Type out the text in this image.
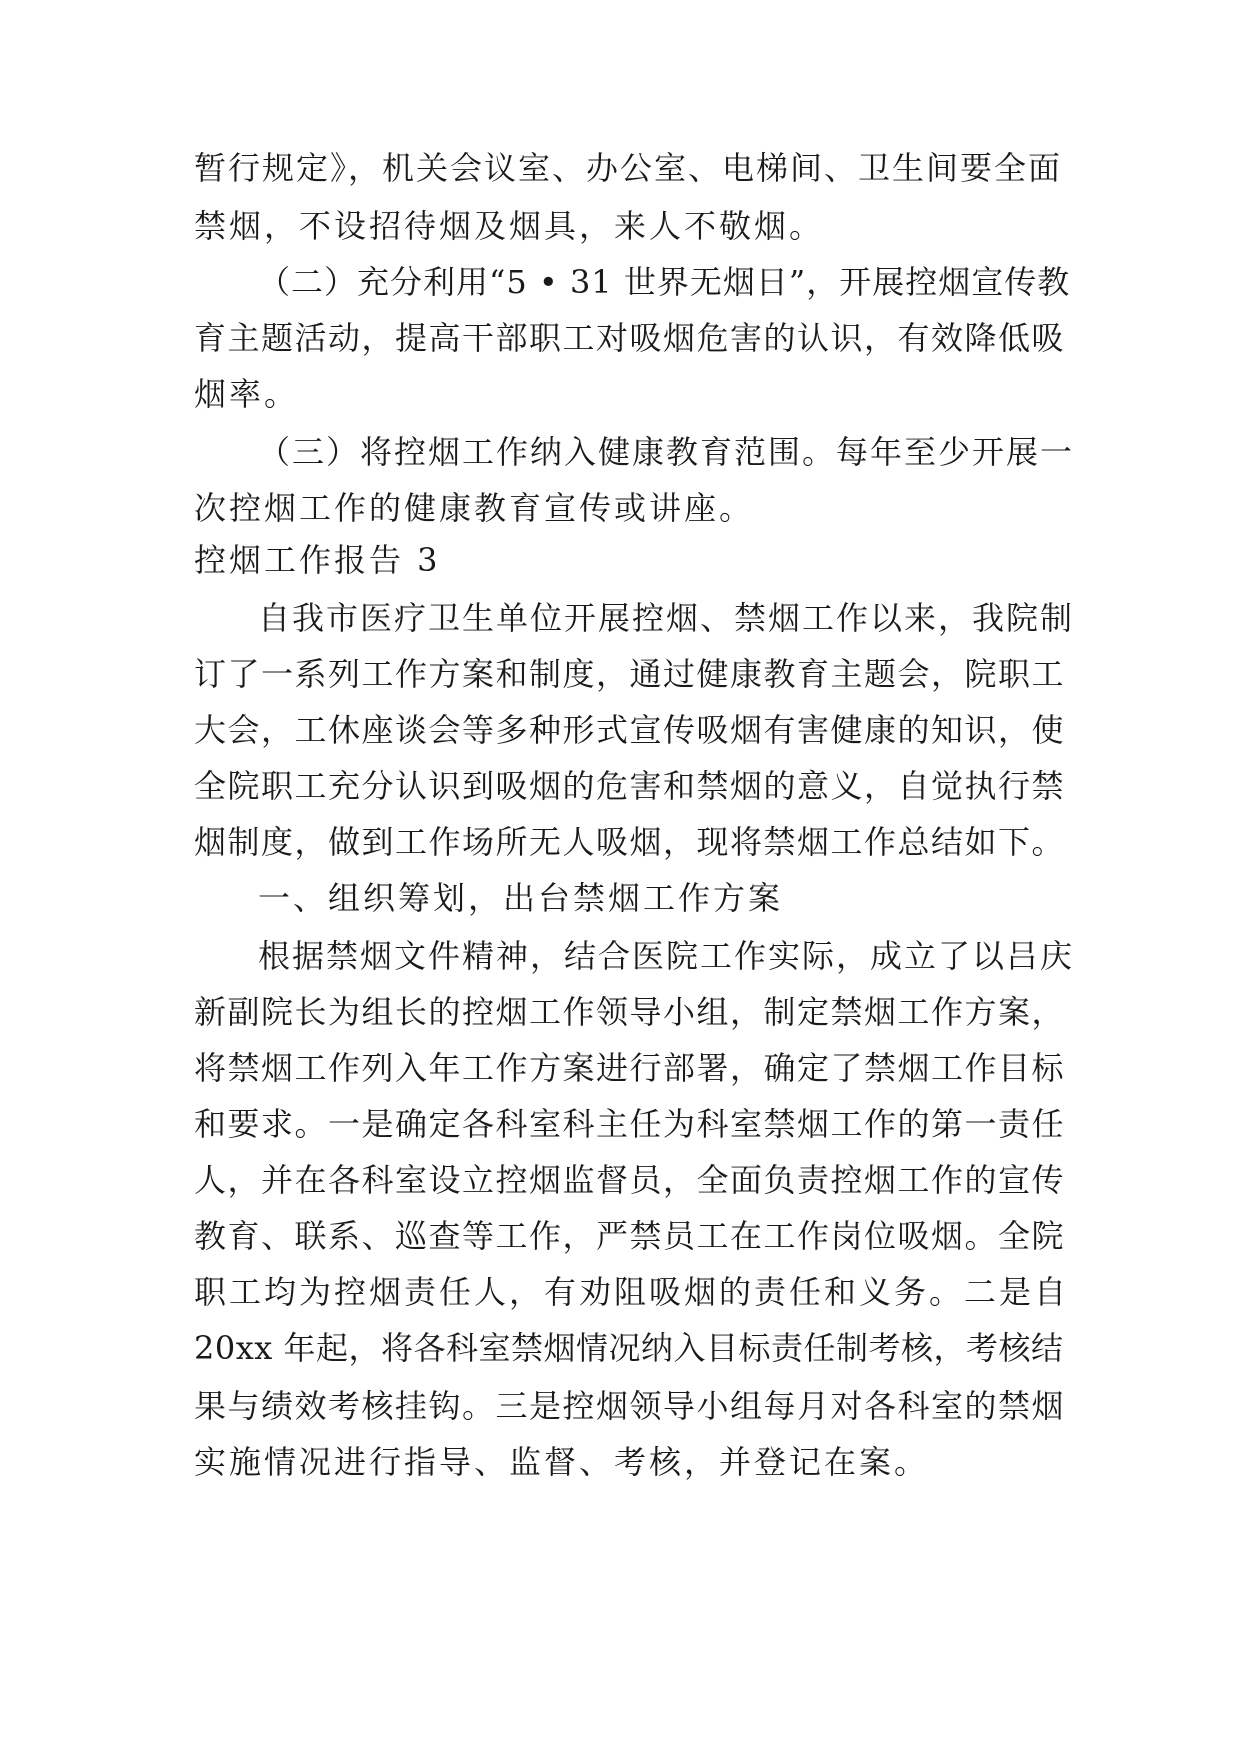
暂行规定》，机关会议室、办公室、电梯间、卫生间要全面
禁烟，不设招待烟及烟具，来人不敬烟。
（二）充分利用“5 • 31 世界无烟日”，开展控烟宣传教
育主题活动，提高干部职工对吸烟危害的认识，有效降低吸
烟率。
（三）将控烟工作纳入健康教育范围。每年至少开展一
次控烟工作的健康教育宣传或讲座。
控烟工作报告 3
自我市医疗卫生单位开展控烟、禁烟工作以来，我院制
订了一系列工作方案和制度，通过健康教育主题会，院职工
大会，工休座谈会等多种形式宣传吸烟有害健康的知识，使
全院职工充分认识到吸烟的危害和禁烟的意义，自觉执行禁
烟制度，做到工作场所无人吸烟，现将禁烟工作总结如下。
一、组织筹划，出台禁烟工作方案
根据禁烟文件精神，结合医院工作实际，成立了以吕庆
新副院长为组长的控烟工作领导小组，制定禁烟工作方案，
将禁烟工作列入年工作方案进行部署，确定了禁烟工作目标
和要求。一是确定各科室科主任为科室禁烟工作的第一责任
人，并在各科室设立控烟监督员，全面负责控烟工作的宣传
教育、联系、巡查等工作，严禁员工在工作岗位吸烟。全院
职工均为控烟责任人，有劝阻吸烟的责任和义务。二是自
20xx 年起，将各科室禁烟情况纳入目标责任制考核，考核结
果与绩效考核挂钩。三是控烟领导小组每月对各科室的禁烟
实施情况进行指导、监督、考核，并登记在案。
